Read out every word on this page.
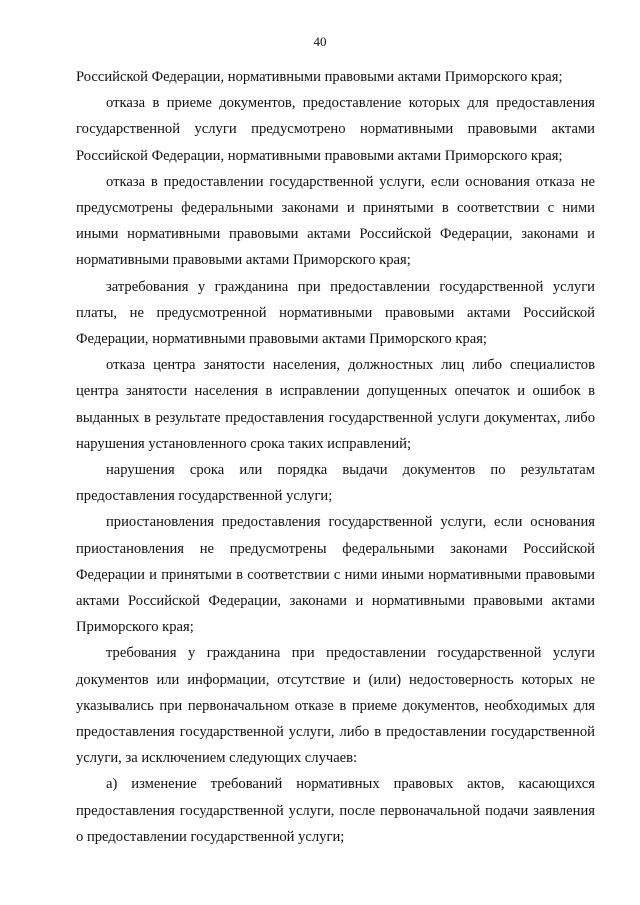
40

Российской Федерации, нормативными правовыми актами Приморского края;

отказа в приеме документов, предоставление которых для предоставления государственной услуги предусмотрено нормативными правовыми актами Российской Федерации, нормативными правовыми актами Приморского края;

отказа в предоставлении государственной услуги, если основания отказа не предусмотрены федеральными законами и принятыми в соответствии с ними иными нормативными правовыми актами Российской Федерации, законами и нормативными правовыми актами Приморского края;

затребования у гражданина при предоставлении государственной услуги платы, не предусмотренной нормативными правовыми актами Российской Федерации, нормативными правовыми актами Приморского края;

отказа центра занятости населения, должностных лиц либо специалистов центра занятости населения в исправлении допущенных опечаток и ошибок в выданных в результате предоставления государственной услуги документах, либо нарушения установленного срока таких исправлений;

нарушения срока или порядка выдачи документов по результатам предоставления государственной услуги;

приостановления предоставления государственной услуги, если основания приостановления не предусмотрены федеральными законами Российской Федерации и принятыми в соответствии с ними иными нормативными правовыми актами Российской Федерации, законами и нормативными правовыми актами Приморского края;

требования у гражданина при предоставлении государственной услуги документов или информации, отсутствие и (или) недостоверность которых не указывались при первоначальном отказе в приеме документов, необходимых для предоставления государственной услуги, либо в предоставлении государственной услуги, за исключением следующих случаев:

а) изменение требований нормативных правовых актов, касающихся предоставления государственной услуги, после первоначальной подачи заявления о предоставлении государственной услуги;
